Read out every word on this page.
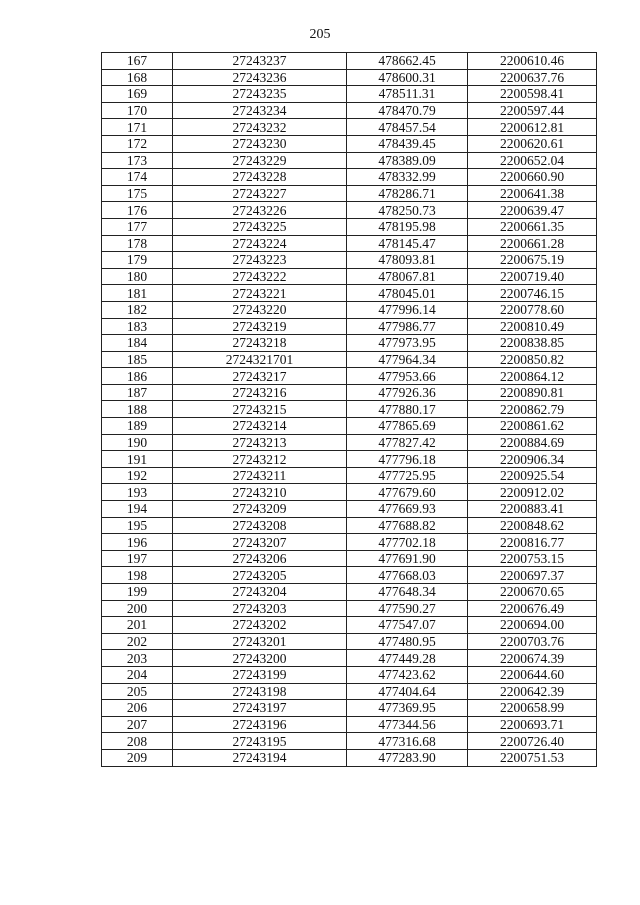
205
167	27243237	478662.45	2200610.46
168	27243236	478600.31	2200637.76
169	27243235	478511.31	2200598.41
170	27243234	478470.79	2200597.44
171	27243232	478457.54	2200612.81
172	27243230	478439.45	2200620.61
173	27243229	478389.09	2200652.04
174	27243228	478332.99	2200660.90
175	27243227	478286.71	2200641.38
176	27243226	478250.73	2200639.47
177	27243225	478195.98	2200661.35
178	27243224	478145.47	2200661.28
179	27243223	478093.81	2200675.19
180	27243222	478067.81	2200719.40
181	27243221	478045.01	2200746.15
182	27243220	477996.14	2200778.60
183	27243219	477986.77	2200810.49
184	27243218	477973.95	2200838.85
185	2724321701	477964.34	2200850.82
186	27243217	477953.66	2200864.12
187	27243216	477926.36	2200890.81
188	27243215	477880.17	2200862.79
189	27243214	477865.69	2200861.62
190	27243213	477827.42	2200884.69
191	27243212	477796.18	2200906.34
192	27243211	477725.95	2200925.54
193	27243210	477679.60	2200912.02
194	27243209	477669.93	2200883.41
195	27243208	477688.82	2200848.62
196	27243207	477702.18	2200816.77
197	27243206	477691.90	2200753.15
198	27243205	477668.03	2200697.37
199	27243204	477648.34	2200670.65
200	27243203	477590.27	2200676.49
201	27243202	477547.07	2200694.00
202	27243201	477480.95	2200703.76
203	27243200	477449.28	2200674.39
204	27243199	477423.62	2200644.60
205	27243198	477404.64	2200642.39
206	27243197	477369.95	2200658.99
207	27243196	477344.56	2200693.71
208	27243195	477316.68	2200726.40
209	27243194	477283.90	2200751.53
